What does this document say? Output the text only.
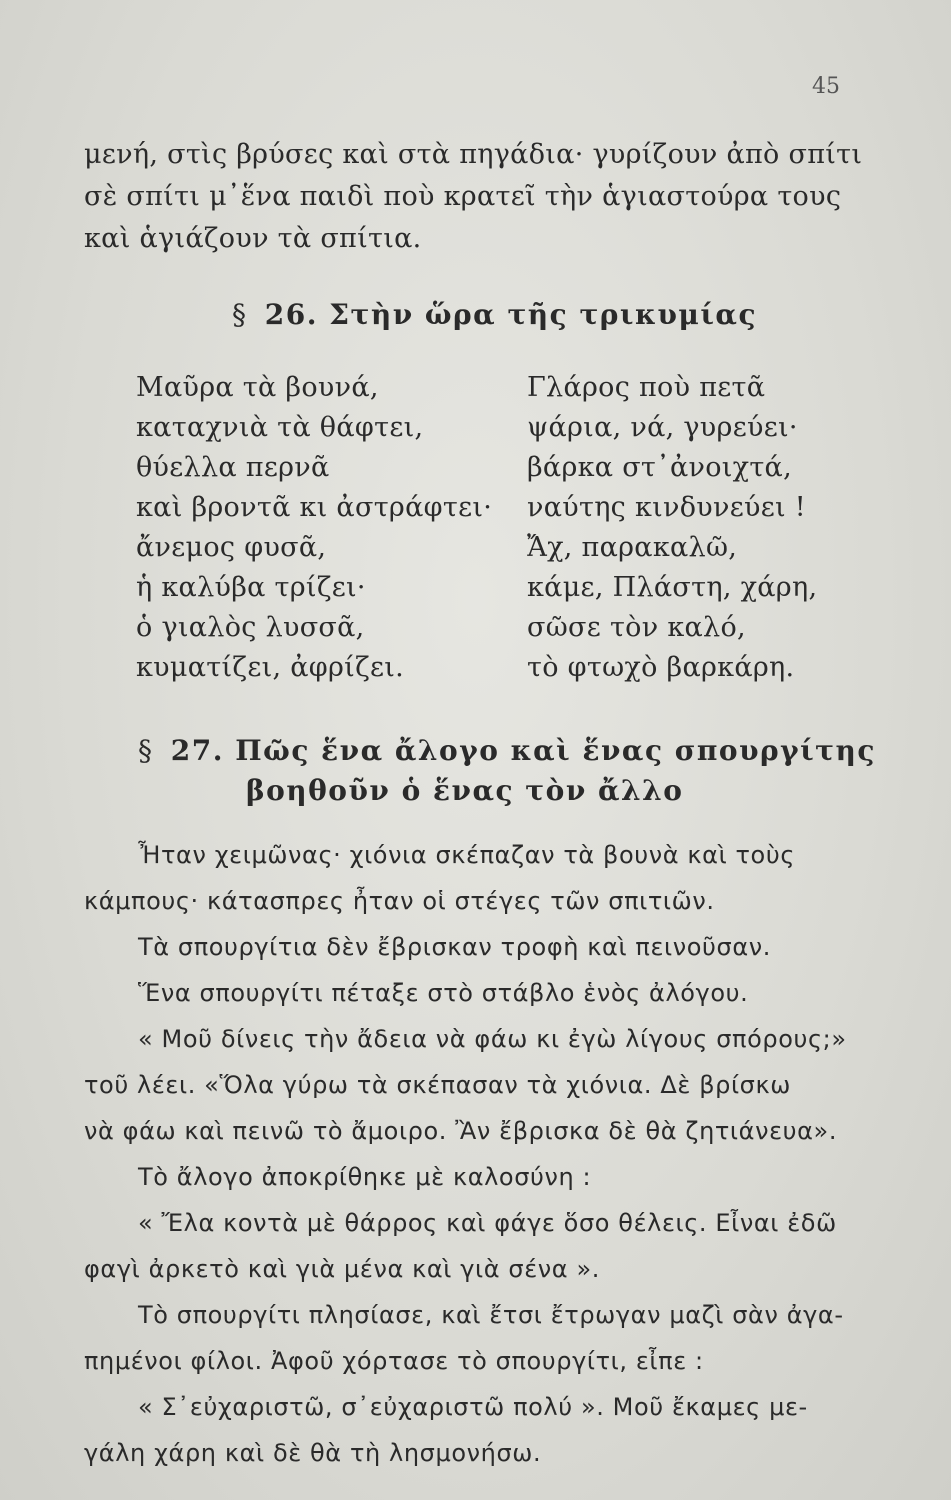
45
μενή, στὶς βρύσες καὶ στὰ πηγάδια· γυρίζουν ἀπὸ σπίτι
σὲ σπίτι μ᾽ἕνα παιδὶ ποὺ κρατεῖ τὴν ἁγιαστούρα τους
καὶ ἁγιάζουν τὰ σπίτια.
§ 26. Στὴν ὥρα τῆς τρικυμίας
Μαῦρα τὰ βουνά,
καταχνιὰ τὰ θάφτει,
θύελλα περνᾶ
καὶ βροντᾶ κι ἀστράφτει·
ἄνεμος φυσᾶ,
ἡ καλύβα τρίζει·
ὁ γιαλὸς λυσσᾶ,
κυματίζει, ἀφρίζει.
Γλάρος ποὺ πετᾶ
ψάρια, νά, γυρεύει·
βάρκα στ᾽ἀνοιχτά,
ναύτης κινδυνεύει !
Ἄχ, παρακαλῶ,
κάμε, Πλάστη, χάρη,
σῶσε τὸν καλό,
τὸ φτωχὸ βαρκάρη.
§ 27. Πῶς ἕνα ἄλογο καὶ ἕνας σπουργίτης
βοηθοῦν ὁ ἕνας τὸν ἄλλο
Ἦταν χειμῶνας· χιόνια σκέπαζαν τὰ βουνὰ καὶ τοὺς
κάμπους· κάτασπρες ἦταν οἱ στέγες τῶν σπιτιῶν.
Τὰ σπουργίτια δὲν ἔβρισκαν τροφὴ καὶ πεινοῦσαν.
Ἕνα σπουργίτι πέταξε στὸ στάβλο ἑνὸς ἀλόγου.
« Μοῦ δίνεις τὴν ἄδεια νὰ φάω κι ἐγὼ λίγους σπόρους;»
τοῦ λέει. «Ὅλα γύρω τὰ σκέπασαν τὰ χιόνια. Δὲ βρίσκω
νὰ φάω καὶ πεινῶ τὸ ἄμοιρο. Ἂν ἔβρισκα δὲ θὰ ζητιάνευα».
Τὸ ἄλογο ἀποκρίθηκε μὲ καλοσύνη :
« Ἔλα κοντὰ μὲ θάρρος καὶ φάγε ὅσο θέλεις. Εἶναι ἐδῶ
φαγὶ ἀρκετὸ καὶ γιὰ μένα καὶ γιὰ σένα ».
Τὸ σπουργίτι πλησίασε, καὶ ἔτσι ἔτρωγαν μαζὶ σὰν ἀγα-
πημένοι φίλοι. Ἀφοῦ χόρτασε τὸ σπουργίτι, εἶπε :
« Σ᾽εὐχαριστῶ, σ᾽εὐχαριστῶ πολύ ». Μοῦ ἔκαμες με-
γάλη χάρη καὶ δὲ θὰ τὴ λησμονήσω.
